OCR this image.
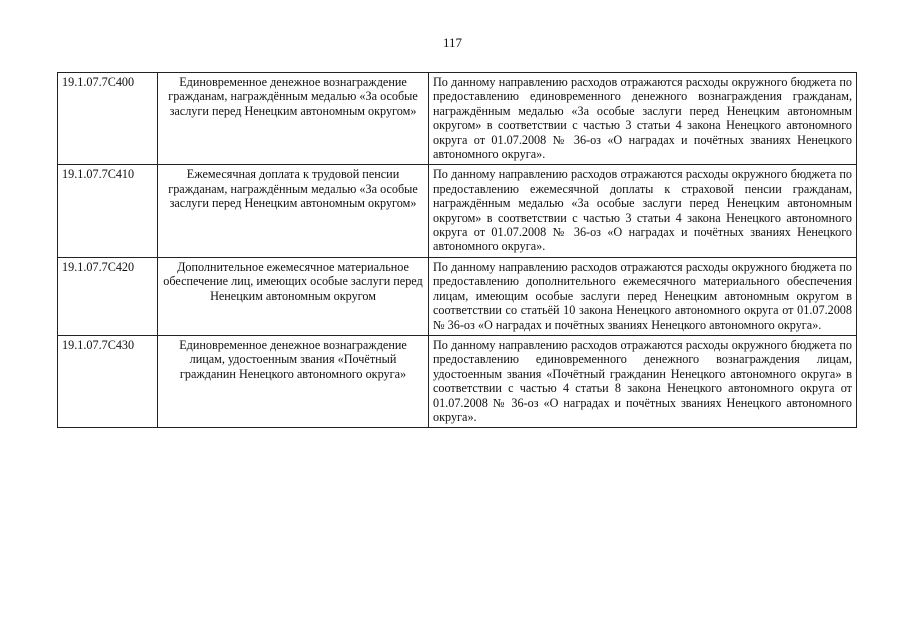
117
19.1.07.7C400	Единовременное денежное вознаграждение гражданам, награждённым медалью «За особые заслуги перед Ненецким автономным округом»	По данному направлению расходов отражаются расходы окружного бюджета по предоставлению единовременного денежного вознаграждения гражданам, награждённым медалью «За особые заслуги перед Ненецким автономным округом» в соответствии с частью 3 статьи 4 закона Ненецкого автономного округа от 01.07.2008 № 36-оз «О наградах и почётных званиях Ненецкого автономного округа».
19.1.07.7C410	Ежемесячная доплата к трудовой пенсии гражданам, награждённым медалью «За особые заслуги перед Ненецким автономным округом»	По данному направлению расходов отражаются расходы окружного бюджета по предоставлению ежемесячной доплаты к страховой пенсии гражданам, награждённым медалью «За особые заслуги перед Ненецким автономным округом» в соответствии с частью 3 статьи 4 закона Ненецкого автономного округа от 01.07.2008 № 36-оз «О наградах и почётных званиях Ненецкого автономного округа».
19.1.07.7C420	Дополнительное ежемесячное материальное обеспечение лиц, имеющих особые заслуги перед Ненецким автономным округом	По данному направлению расходов отражаются расходы окружного бюджета по предоставлению дополнительного ежемесячного материального обеспечения лицам, имеющим особые заслуги перед Ненецким автономным округом в соответствии со статьёй 10 закона Ненецкого автономного округа от 01.07.2008 № 36-оз «О наградах и почётных званиях Ненецкого автономного округа».
19.1.07.7C430	Единовременное денежное вознаграждение лицам, удостоенным звания «Почётный гражданин Ненецкого автономного округа»	По данному направлению расходов отражаются расходы окружного бюджета по предоставлению единовременного денежного вознаграждения лицам, удостоенным звания «Почётный гражданин Ненецкого автономного округа» в соответствии с частью 4 статьи 8 закона Ненецкого автономного округа от 01.07.2008 № 36-оз «О наградах и почётных званиях Ненецкого автономного округа».
